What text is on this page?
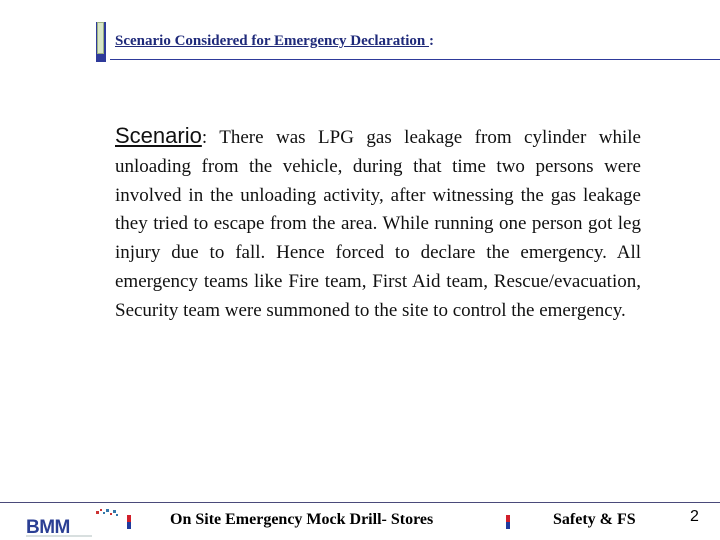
Scenario Considered for Emergency Declaration :
Scenario: There was LPG gas leakage from cylinder while unloading from the vehicle, during that time two persons were involved in the unloading activity, after witnessing the gas leakage they tried to escape from the area. While running one person got leg injury due to fall. Hence forced to declare the emergency. All emergency teams like Fire team, First Aid team, Rescue/evacuation, Security team were summoned to the site to control the emergency.
BMM	On Site Emergency Mock Drill- Stores	Safety & FS	2
